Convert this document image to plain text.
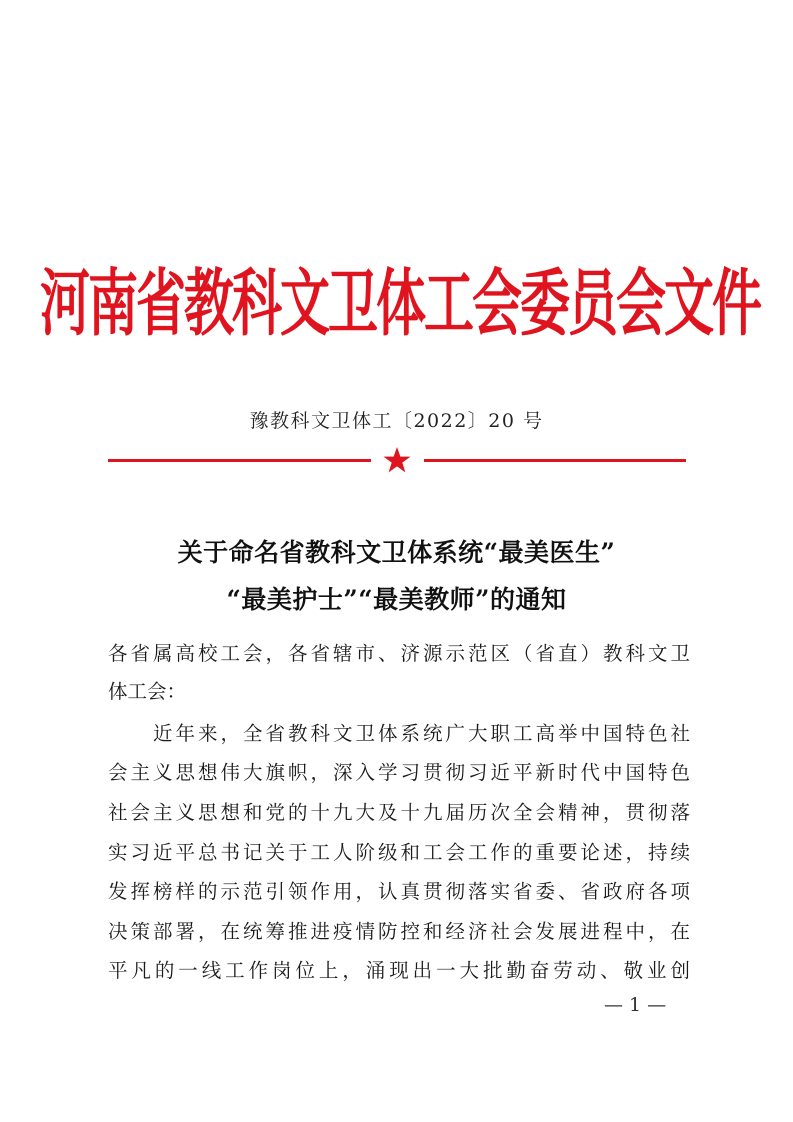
河南省教科文卫体工会委员会文件
豫教科文卫体工〔2022〕20 号
关于命名省教科文卫体系统“最美医生”
“最美护士”“最美教师”的通知
各省属高校工会，各省辖市、济源示范区（省直）教科文卫
体工会：
　　近年来，全省教科文卫体系统广大职工高举中国特色社
会主义思想伟大旗帜，深入学习贯彻习近平新时代中国特色
社会主义思想和党的十九大及十九届历次全会精神，贯彻落
实习近平总书记关于工人阶级和工会工作的重要论述，持续
发挥榜样的示范引领作用，认真贯彻落实省委、省政府各项
决策部署，在统筹推进疫情防控和经济社会发展进程中，在
平凡的一线工作岗位上，涌现出一大批勤奋劳动、敬业创
— 1 —
